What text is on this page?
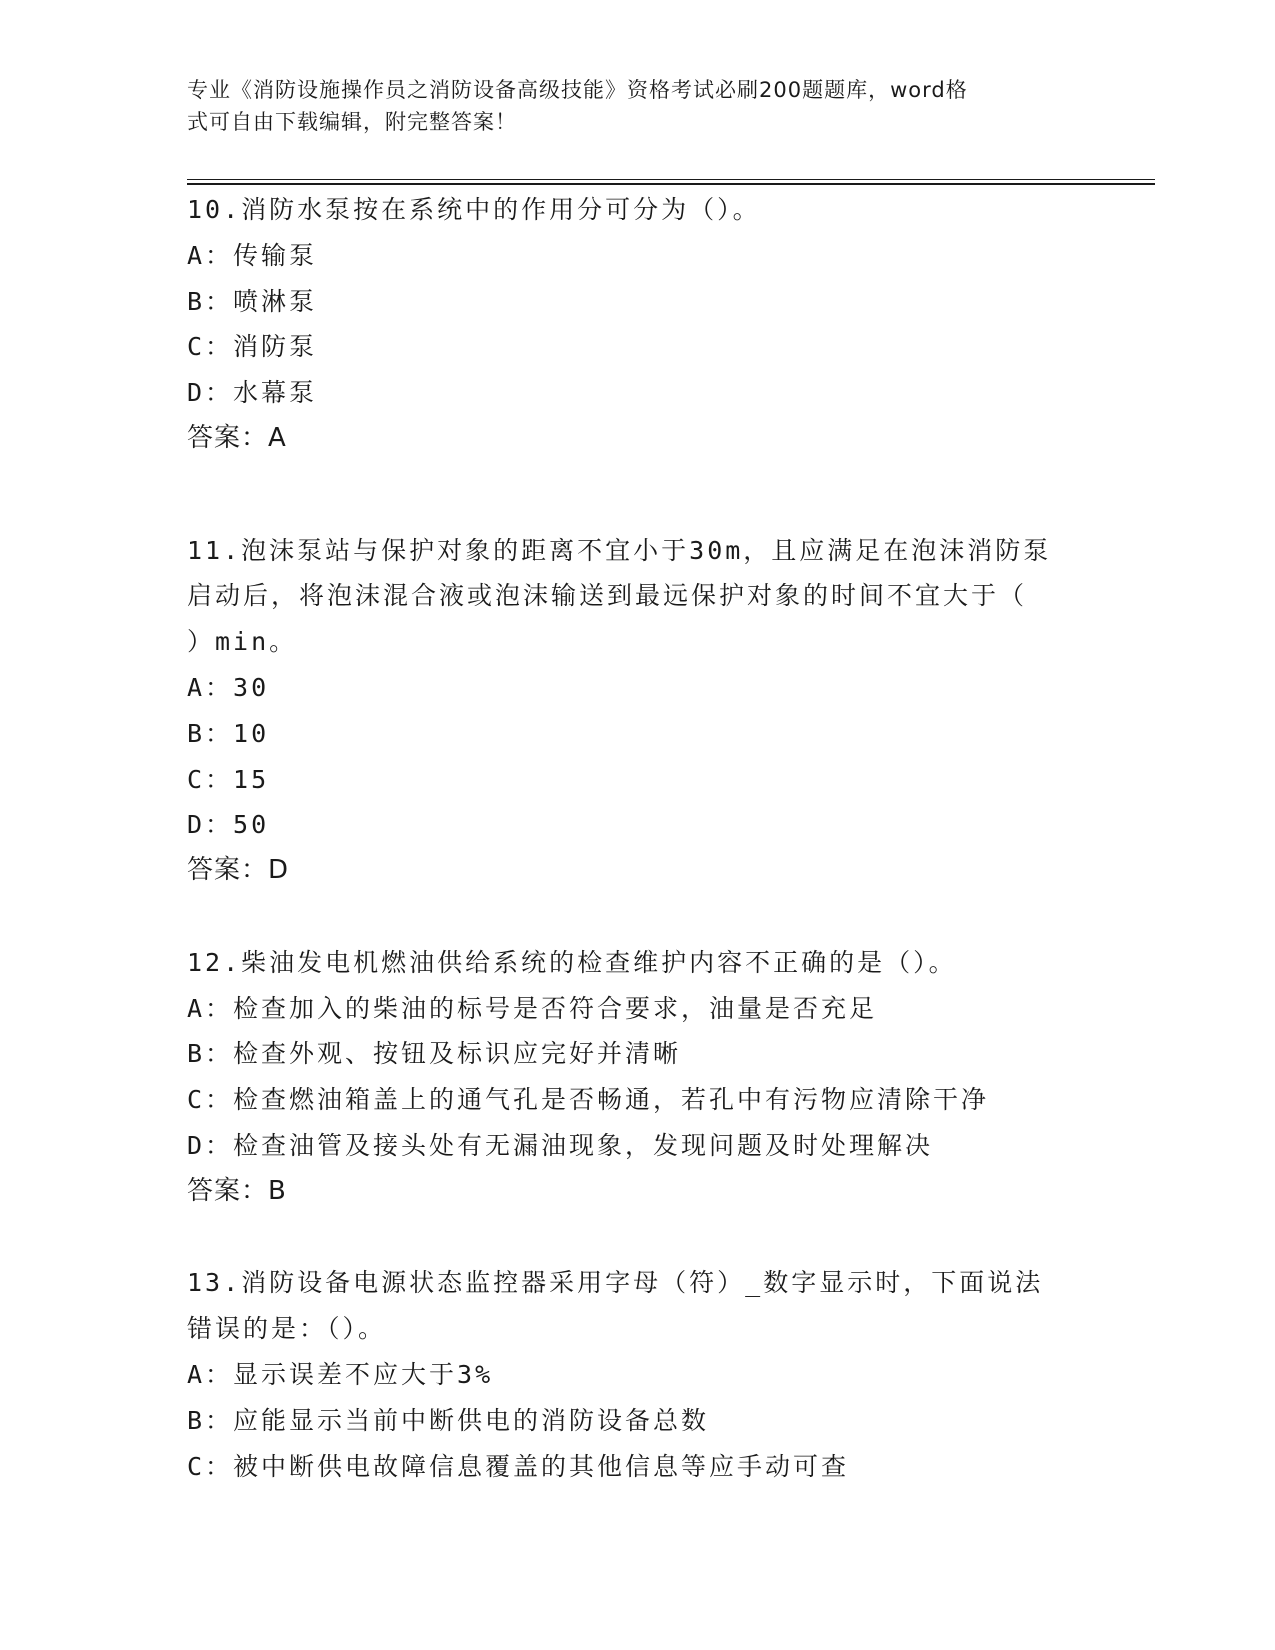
专业《消防设施操作员之消防设备高级技能》资格考试必刷200题题库，word格
式可自由下载编辑，附完整答案！
10.消防水泵按在系统中的作用分可分为（）。
A：传输泵
B：喷淋泵
C：消防泵
D：水幕泵
答案：A
11.泡沫泵站与保护对象的距离不宜小于30m，且应满足在泡沫消防泵
启动后，将泡沫混合液或泡沫输送到最远保护对象的时间不宜大于（
）min。
A：30
B：10
C：15
D：50
答案：D
12.柴油发电机燃油供给系统的检查维护内容不正确的是（）。
A：检查加入的柴油的标号是否符合要求，油量是否充足
B：检查外观、按钮及标识应完好并清晰
C：检查燃油箱盖上的通气孔是否畅通，若孔中有污物应清除干净
D：检查油管及接头处有无漏油现象，发现问题及时处理解决
答案：B
13.消防设备电源状态监控器采用字母（符）_数字显示时，下面说法
错误的是：（）。
A：显示误差不应大于3%
B：应能显示当前中断供电的消防设备总数
C：被中断供电故障信息覆盖的其他信息等应手动可查
